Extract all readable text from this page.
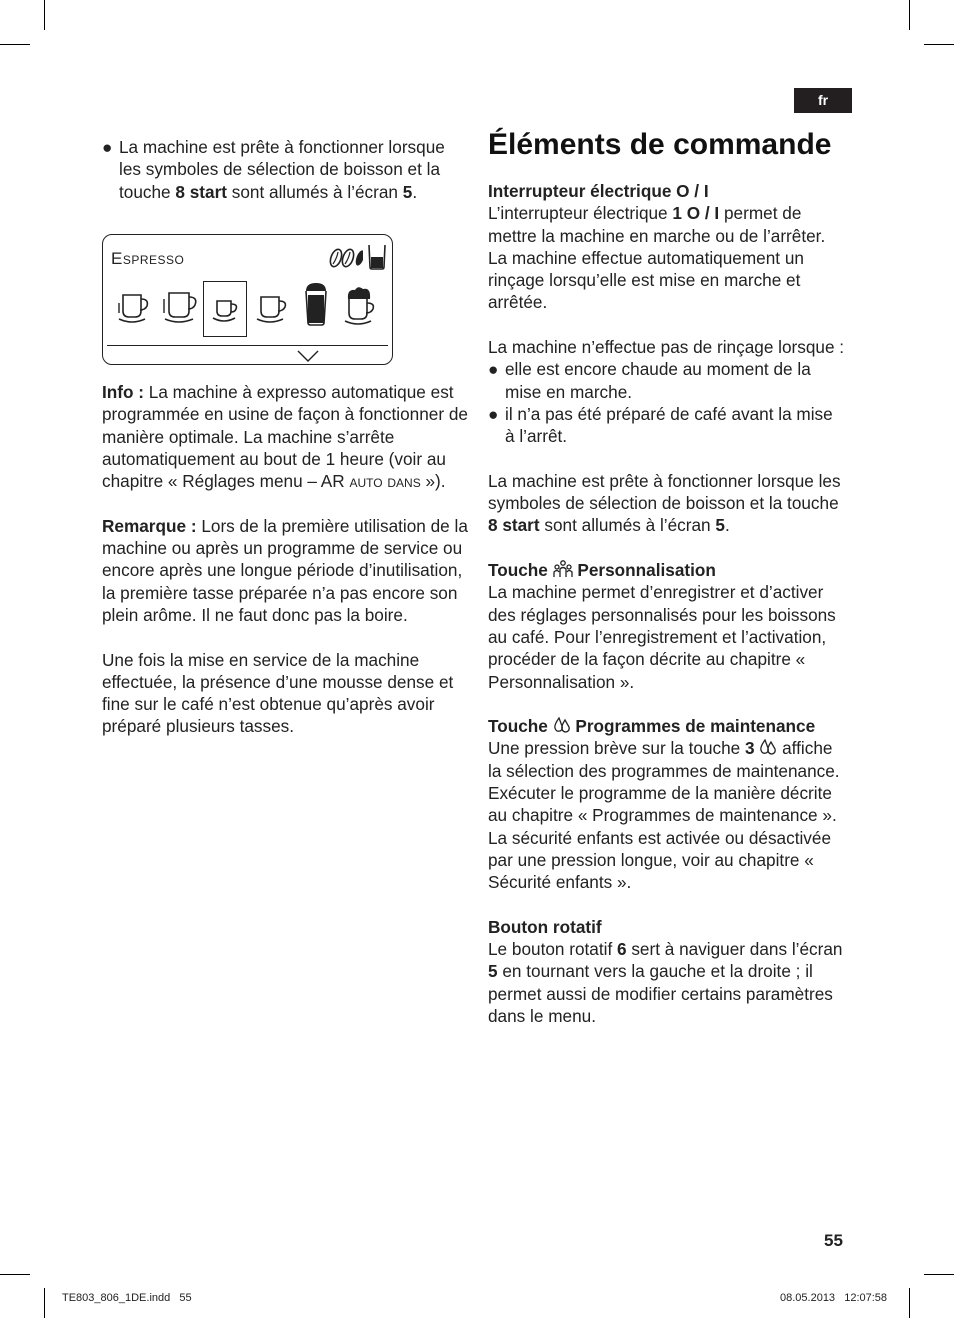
fr
Éléments de commande
● La machine est prête à fonctionner lorsque les symboles de sélection de boisson et la touche 8 start sont allumés à l’écran 5.

Espresso

Info : La machine à expresso automatique est programmée en usine de façon à fonctionner de manière optimale. La machine s’arrête automatiquement au bout de 1 heure (voir au chapitre « Réglages menu – AR auto dans »).

Remarque : Lors de la première utilisation de la machine ou après un programme de service ou encore après une longue période d’inutilisation, la première tasse préparée n’a pas encore son plein arôme. Il ne faut donc pas la boire.

Une fois la mise en service de la machine effectuée, la présence d’une mousse dense et fine sur le café n’est obtenue qu’après avoir préparé plusieurs tasses.

Interrupteur électrique O / I

L’interrupteur électrique 1 O / I permet de mettre la machine en marche ou de l’arrêter. La machine effectue automatiquement un rinçage lorsqu’elle est mise en marche et arrêtée.

La machine n’effectue pas de rinçage lorsque :

● elle est encore chaude au moment de la mise en marche.

● il n’a pas été préparé de café avant la mise à l’arrêt.

La machine est prête à fonctionner lorsque les symboles de sélection de boisson et la touche 8 start sont allumés à l’écran 5.

Touche  Personnalisation

La machine permet d’enregistrer et d’activer des réglages personnalisés pour les boissons au café. Pour l’enregistrement et l’activation, procéder de la façon décrite au chapitre « Personnalisation ».

Touche  Programmes de maintenance

Une pression brève sur la touche 3  affiche la sélection des programmes de maintenance. Exécuter le programme de la manière décrite au chapitre « Programmes de maintenance ».

La sécurité enfants est activée ou désactivée par une pression longue, voir au chapitre « Sécurité enfants ».

Bouton rotatif

Le bouton rotatif 6 sert à naviguer dans l’écran 5 en tournant vers la gauche et la droite ; il permet aussi de modifier certains paramètres dans le menu.

55
TE803_806_1DE.indd   55	08.05.2013   12:07:58
